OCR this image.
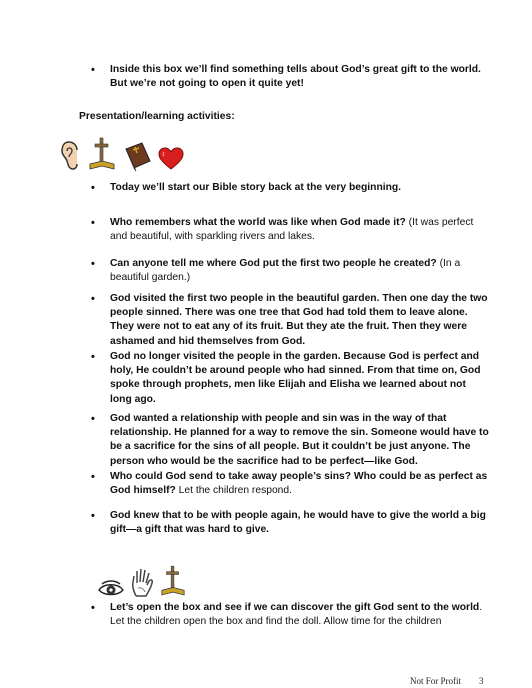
• Inside this box we’ll find something tells about God’s great gift to the world. But we’re not going to open it quite yet!
Presentation/learning activities:
• Today we’ll start our Bible story back at the very beginning.
• Who remembers what the world was like when God made it? (It was perfect and beautiful, with sparkling rivers and lakes.
• Can anyone tell me where God put the first two people he created? (In a beautiful garden.)
• God visited the first two people in the beautiful garden. Then one day the two people sinned. There was one tree that God had told them to leave alone. They were not to eat any of its fruit. But they ate the fruit. Then they were ashamed and hid themselves from God.
• God no longer visited the people in the garden. Because God is perfect and holy, He couldn’t be around people who had sinned. From that time on, God spoke through prophets, men like Elijah and Elisha we learned about not long ago.
• God wanted a relationship with people and sin was in the way of that relationship. He planned for a way to remove the sin. Someone would have to be a sacrifice for the sins of all people. But it couldn’t be just anyone. The person who would be the sacrifice had to be perfect—like God.
• Who could God send to take away people’s sins? Who could be as perfect as God himself? Let the children respond.
• God knew that to be with people again, he would have to give the world a big gift—a gift that was hard to give.
• Let’s open the box and see if we can discover the gift God sent to the world. Let the children open the box and find the doll. Allow time for the children
Not For Profit 3
